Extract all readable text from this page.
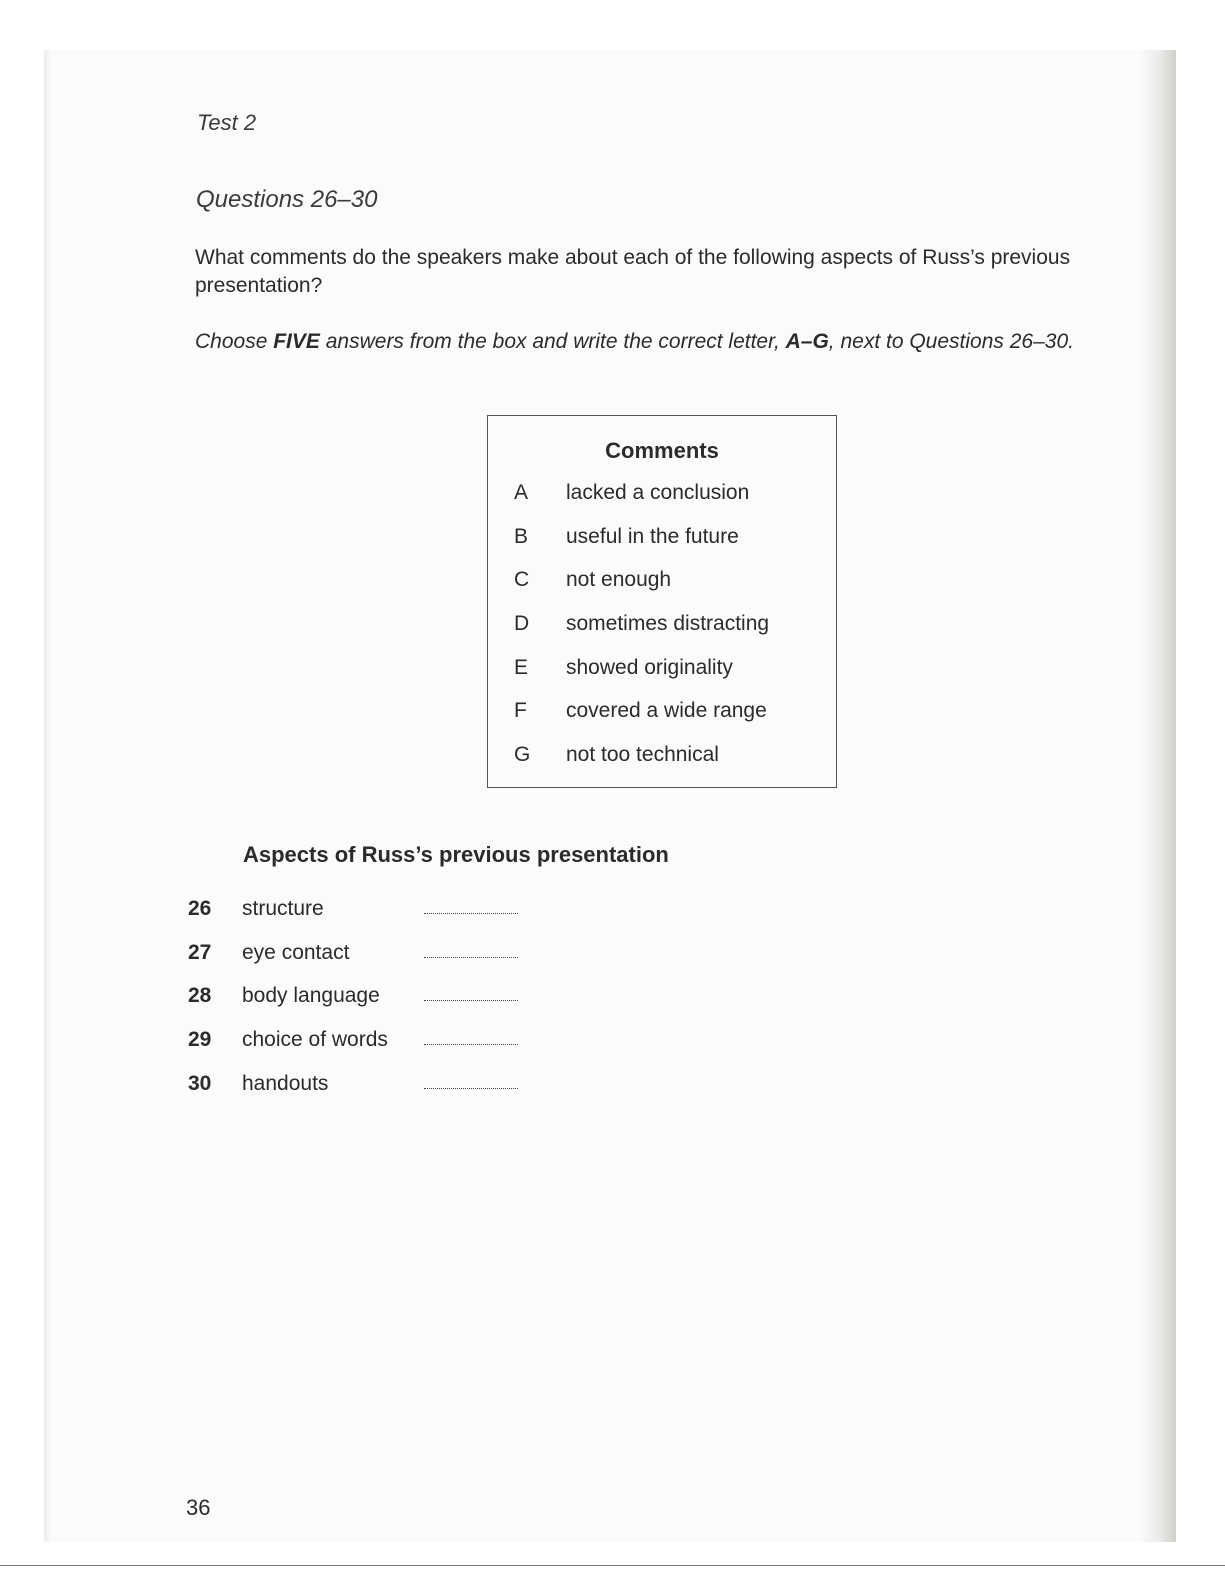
Test 2
Questions 26–30
What comments do the speakers make about each of the following aspects of Russ’s previous presentation?
Choose FIVE answers from the box and write the correct letter, A–G, next to Questions 26–30.
Comments
A lacked a conclusion
B useful in the future
C not enough
D sometimes distracting
E showed originality
F covered a wide range
G not too technical
Aspects of Russ’s previous presentation
26 structure
27 eye contact
28 body language
29 choice of words
30 handouts
36
